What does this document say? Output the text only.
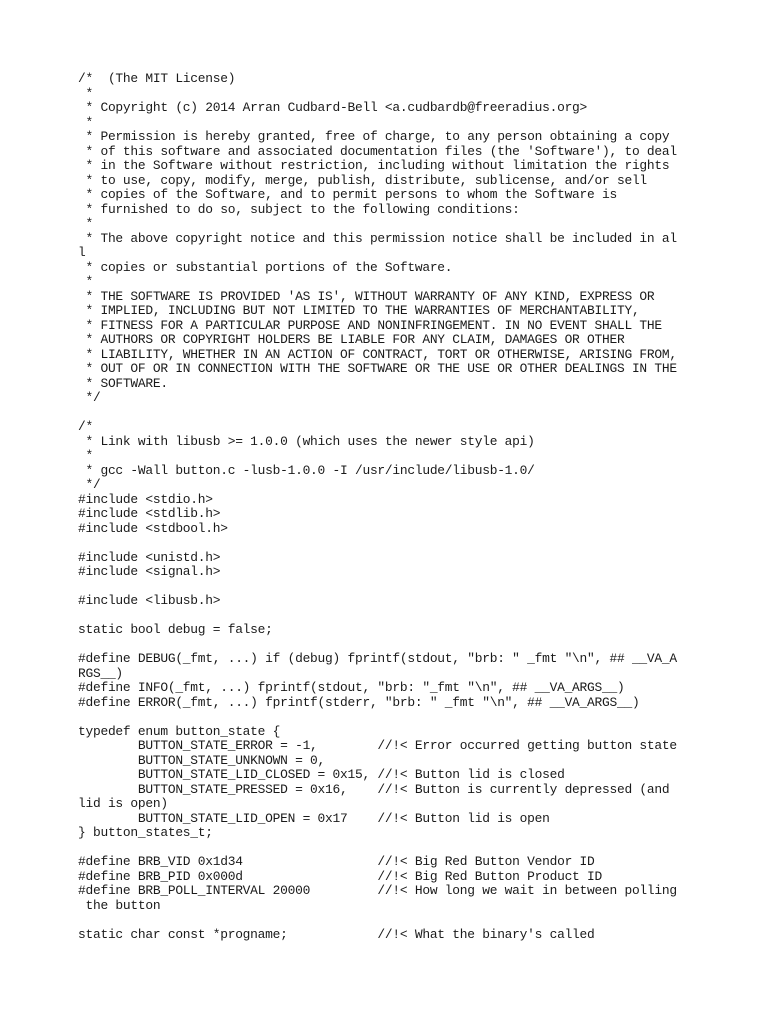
/*  (The MIT License)
*
* Copyright (c) 2014 Arran Cudbard-Bell <a.cudbardb@freeradius.org>
*
* Permission is hereby granted, free of charge, to any person obtaining a copy
* of this software and associated documentation files (the 'Software'), to deal
* in the Software without restriction, including without limitation the rights
* to use, copy, modify, merge, publish, distribute, sublicense, and/or sell
* copies of the Software, and to permit persons to whom the Software is
* furnished to do so, subject to the following conditions:
*
* The above copyright notice and this permission notice shall be included in al
l
* copies or substantial portions of the Software.
*
* THE SOFTWARE IS PROVIDED 'AS IS', WITHOUT WARRANTY OF ANY KIND, EXPRESS OR
* IMPLIED, INCLUDING BUT NOT LIMITED TO THE WARRANTIES OF MERCHANTABILITY,
* FITNESS FOR A PARTICULAR PURPOSE AND NONINFRINGEMENT. IN NO EVENT SHALL THE
* AUTHORS OR COPYRIGHT HOLDERS BE LIABLE FOR ANY CLAIM, DAMAGES OR OTHER
* LIABILITY, WHETHER IN AN ACTION OF CONTRACT, TORT OR OTHERWISE, ARISING FROM,
* OUT OF OR IN CONNECTION WITH THE SOFTWARE OR THE USE OR OTHER DEALINGS IN THE
* SOFTWARE.
*/
/*
* Link with libusb >= 1.0.0 (which uses the newer style api)
*
* gcc -Wall button.c -lusb-1.0.0 -I /usr/include/libusb-1.0/
*/
#include <stdio.h>
#include <stdlib.h>
#include <stdbool.h>
#include <unistd.h>
#include <signal.h>
#include <libusb.h>
static bool debug = false;
#define DEBUG(_fmt, ...) if (debug) fprintf(stdout, "brb: " _fmt "\n", ## __VA_A
RGS__)
#define INFO(_fmt, ...) fprintf(stdout, "brb: "_fmt "\n", ## __VA_ARGS__)
#define ERROR(_fmt, ...) fprintf(stderr, "brb: " _fmt "\n", ## __VA_ARGS__)
typedef enum button_state {
BUTTON_STATE_ERROR = -1,        //!< Error occurred getting button state
BUTTON_STATE_UNKNOWN = 0,
BUTTON_STATE_LID_CLOSED = 0x15, //!< Button lid is closed
BUTTON_STATE_PRESSED = 0x16,    //!< Button is currently depressed (and
lid is open)
BUTTON_STATE_LID_OPEN = 0x17    //!< Button lid is open
} button_states_t;
#define BRB_VID 0x1d34                  //!< Big Red Button Vendor ID
#define BRB_PID 0x000d                  //!< Big Red Button Product ID
#define BRB_POLL_INTERVAL 20000         //!< How long we wait in between polling
the button
static char const *progname;            //!< What the binary's called
